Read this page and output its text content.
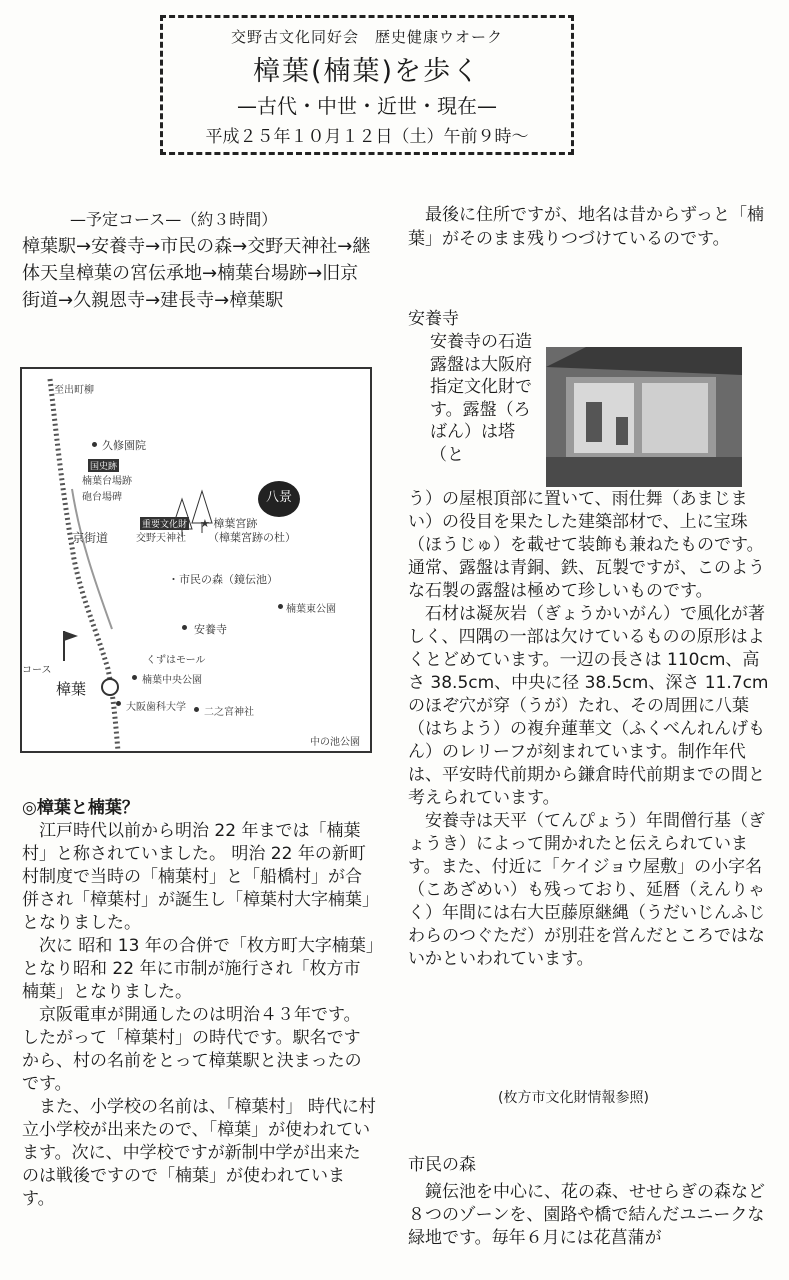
交野古文化同好会　歴史健康ウオーク
樟葉(楠葉)を歩く
—古代・中世・近世・現在—
平成２５年１０月１２日（土）午前９時～
—予定コース—（約３時間）
樟葉駅→安養寺→市民の森→交野天神社→継体天皇樟葉の宮伝承地→楠葉台場跡→旧京街道→久親恩寺→建長寺→樟葉駅
至出町柳
久修園院
国史跡
楠葉台場跡
砲台場碑
京街道
重要文化財
交野天神社
★ 樟葉宮跡
（樟葉宮跡の杜）
八景
・市民の森（鏡伝池）
楠葉東公園
安養寺
コース
樟葉
くずはモール
楠葉中央公園
大阪歯科大学 二之宮神社
中の池公園

◎樟葉と楠葉？

江戸時代以前から明治 22 年までは「楠葉村」と称されていました。 明治 22 年の新町村制度で当時の「楠葉村」と「船橋村」が合併され「樟葉村」が誕生し「樟葉村大字楠葉」となりました。

次に 昭和 13 年の合併で「枚方町大字楠葉」となり昭和 22 年に市制が施行され「枚方市楠葉」となりました。

京阪電車が開通したのは明治４３年です。したがって「樟葉村」の時代です。駅名ですから、村の名前をとって樟葉駅と決まったのです。

また、小学校の名前は、「樟葉村」 時代に村立小学校が出来たので、「樟葉」が使われています。次に、中学校ですが新制中学が出来たのは戦後ですので「楠葉」が使われています。

最後に住所ですが、地名は昔からずっと「楠葉」がそのまま残りつづけているのです。

安養寺
安養寺の石造露盤は大阪府指定文化財です。露盤（ろばん）は塔（と

う）の屋根頂部に置いて、雨仕舞（あまじまい）の役目を果たした建築部材で、上に宝珠（ほうじゅ）を載せて装飾も兼ねたものです。通常、露盤は青銅、鉄、瓦製ですが、このような石製の露盤は極めて珍しいものです。

石材は凝灰岩（ぎょうかいがん）で風化が著しく、四隅の一部は欠けているものの原形はよくとどめています。一辺の長さは 110cm、高さ 38.5cm、中央に径 38.5cm、深さ 11.7cm のほぞ穴が穿（うが）たれ、その周囲に八葉（はちよう）の複弁蓮華文（ふくべんれんげもん）のレリーフが刻まれています。制作年代は、平安時代前期から鎌倉時代前期までの間と考えられています。

安養寺は天平（てんぴょう）年間僧行基（ぎょうき）によって開かれたと伝えられています。また、付近に「ケイジョウ屋敷」の小字名（こあざめい）も残っており、延暦（えんりゃく）年間には右大臣藤原継縄（うだいじんふじわらのつぐただ）が別荘を営んだところではないかといわれています。

(枚方市文化財情報参照)
市民の森

鏡伝池を中心に、花の森、せせらぎの森など８つのゾーンを、園路や橋で結んだユニークな緑地です。毎年６月には花菖蒲が
